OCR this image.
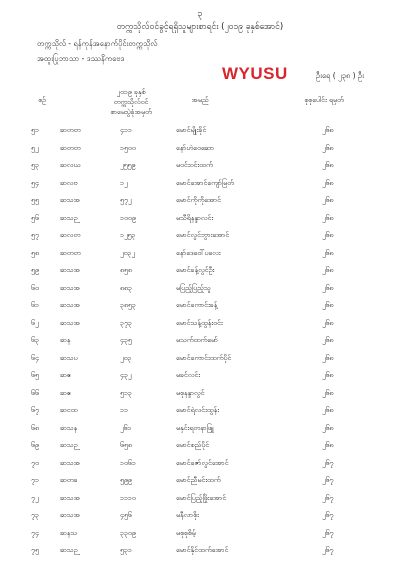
၃
တက္ကသိုလ်ဝင်ခွင့်ရရှိသူများစာရင်း (၂၀၁၉ ခုနှစ်အောင်)
တက္ကသိုလ် - ရန်ကုန်အနောက်ပိုင်းတက္ကသိုလ်
အထူးပြုဘာသာ - ဒဿနိကဗေဒ
WYUSU	ဦးရေ ( ၂၃၈ ) ဦး
စဉ်
၂၀၁၉ ခုနှစ်
တက္ကသိုလ်ဝင်
စာမေးပွဲခုံအမှတ်
အမည်	စုစုပေါင်း ရမှတ်
၅၁	ဆတတ	၄၁၁	မောင်မျိုးခိုင်	၂၆၈
၅၂	ဆတတ	၁၅၀၀	နော်ဟဲဝေဆော	၂၆၈
၅၃	ဆလယ	၂၅၅၉	မဝင်းဝင်းထက်	၂၆၈
၅၄	ဆလဗ	၁၂	မောင်အောင်ကျော်မြတ်	၂၆၈
၅၅	ဆသအ	၅၇၂	မောင်ကိုကိုအောင်	၂၆၈
၅၆	ဆသဉ	၁၀၀၉	မသီရိနန္ဒာလင်း	၂၆၈
၅၇	ဆလတ	၁၂၅၃	မောင်လွင်ဘွားအောင်	၂၆၈
၅၈	ဆတတ	၂၀၃၂	နော်ဒေဝေါ်ပလေး	၂၆၈
၅၉	ဆသအ	၈၅၈	မောင်ခန့်လွင်ဦး	၂၆၈
၆၀	ဆသအ	၈၈၃	မပြည့်ပြည့်သူ	၂၆၈
၆၁	ဆသအ	၃၈၅၃	မောင်ကောင်းခန့်	၂၆၈
၆၂	ဆသအ	၃၇၃	မောင်သန့်ထွန်းဝင်း	၂၆၈
၆၃	ဆန	၄၃၅	မသက်ထက်မော်	၂၆၈
၆၄	ဆသပ	၂၀၃	မောင်ကောင်းထက်ပိုင်	၂၆၈
၆၅	ဆဧ	၄၃၂	မခင်လင်း	၂၆၈
၆၆	ဆဧ	၅၁၃	မစုနန္ဒာလွင်	၂၆၈
၆၇	ဆငထ	၁၁	မောင်ရဲလင်းထွန်း	၂၆၈
၆၈	ဆသန	၂၆၁	မနှင်းရတနာဖြူ	၂၆၈
၆၉	ဆသဉ	၆၅၈	မောင်စည်ပိုင်	၂၆၈
၇၀	ဆသအ	၁၀၆၁	မောင်ဇော်လွင်အောင်	၂၆၇
၇၁	ဆတခ	၅၉၉	မောင်ညီမင်းထက်	၂၆၇
၇၂	ဆသအ	၁၁၁၀	မောင်ပြည့်ဖြိုးအောင်	၂၆၇
၇၃	ဆသအ	၄၅၆	မနီလာစိုး	၂၆၇
၇၄	ဆနသ	၃၃၀၉	မစုစုစိမ့်	၂၆၇
၇၅	ဆသဉ	၅၃၁	မောင်နိုင်ထက်အောင်	၂၆၇
